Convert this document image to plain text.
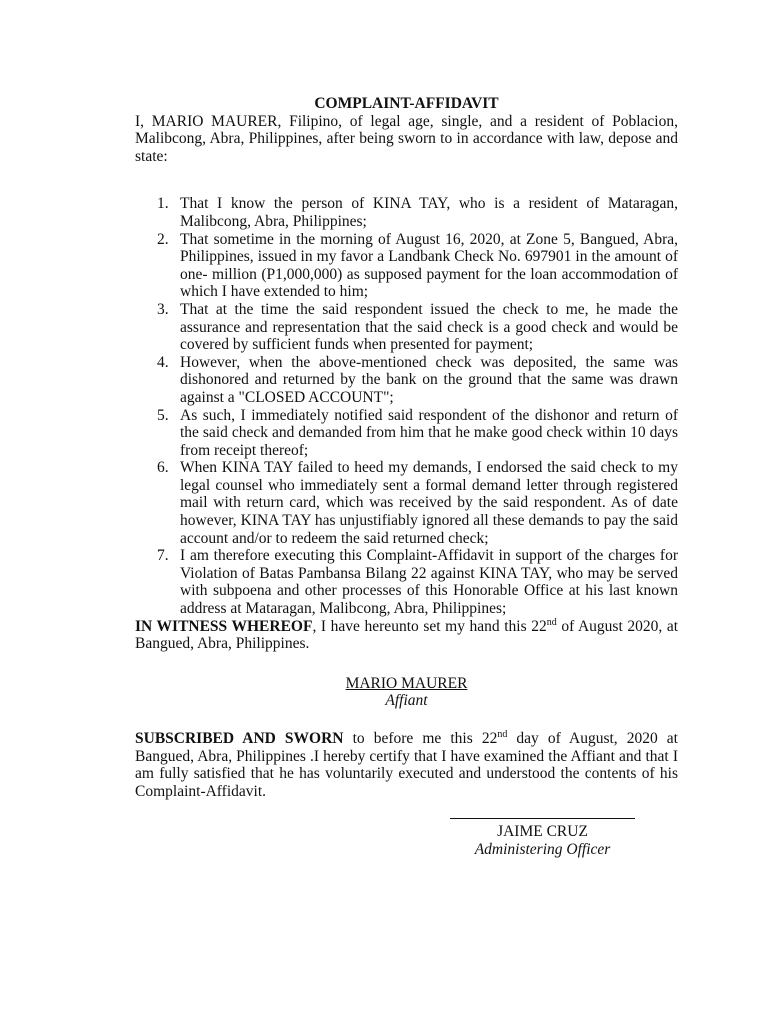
COMPLAINT-AFFIDAVIT

I, MARIO MAURER, Filipino, of legal age, single, and a resident of Poblacion, Malibcong, Abra, Philippines, after being sworn to in accordance with law, depose and state:

1. That I know the person of KINA TAY, who is a resident of Mataragan, Malibcong, Abra, Philippines;
2. That sometime in the morning of August 16, 2020, at Zone 5, Bangued, Abra, Philippines, issued in my favor a Landbank Check No. 697901 in the amount of one- million (P1,000,000) as supposed payment for the loan accommodation of which I have extended to him;
3. That at the time the said respondent issued the check to me, he made the assurance and representation that the said check is a good check and would be covered by sufficient funds when presented for payment;
4. However, when the above-mentioned check was deposited, the same was dishonored and returned by the bank on the ground that the same was drawn against a "CLOSED ACCOUNT";
5. As such, I immediately notified said respondent of the dishonor and return of the said check and demanded from him that he make good check within 10 days from receipt thereof;
6. When KINA TAY failed to heed my demands, I endorsed the said check to my legal counsel who immediately sent a formal demand letter through registered mail with return card, which was received by the said respondent. As of date however, KINA TAY has unjustifiably ignored all these demands to pay the said account and/or to redeem the said returned check;
7. I am therefore executing this Complaint-Affidavit in support of the charges for Violation of Batas Pambansa Bilang 22 against KINA TAY, who may be served with subpoena and other processes of this Honorable Office at his last known address at Mataragan, Malibcong, Abra, Philippines;

IN WITNESS WHEREOF, I have hereunto set my hand this 22nd of August 2020, at Bangued, Abra, Philippines.

MARIO MAURER
Affiant

SUBSCRIBED AND SWORN to before me this 22nd day of August, 2020 at Bangued, Abra, Philippines .I hereby certify that I have examined the Affiant and that I am fully satisfied that he has voluntarily executed and understood the contents of his Complaint-Affidavit.

JAIME CRUZ
Administering Officer
